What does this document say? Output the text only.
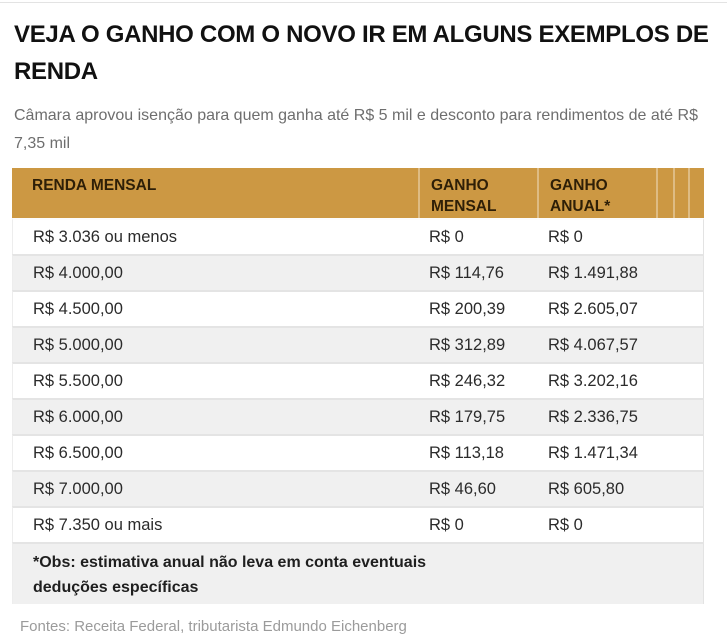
VEJA O GANHO COM O NOVO IR EM ALGUNS EXEMPLOS DE
RENDA

Câmara aprovou isenção para quem ganha até R$ 5 mil e desconto para rendimentos de até R$
7,35 mil

RENDA MENSAL	GANHO MENSAL	GANHO ANUAL*			
R$ 3.036 ou menos	R$ 0	R$ 0			
R$ 4.000,00	R$ 114,76	R$ 1.491,88			
R$ 4.500,00	R$ 200,39	R$ 2.605,07			
R$ 5.000,00	R$ 312,89	R$ 4.067,57			
R$ 5.500,00	R$ 246,32	R$ 3.202,16			
R$ 6.000,00	R$ 179,75	R$ 2.336,75			
R$ 6.500,00	R$ 113,18	R$ 1.471,34			
R$ 7.000,00	R$ 46,60	R$ 605,80			
R$ 7.350 ou mais	R$ 0	R$ 0			

*Obs: estimativa anual não leva em conta eventuais
deduções específicas					

Fontes: Receita Federal, tributarista Edmundo Eichenberg
